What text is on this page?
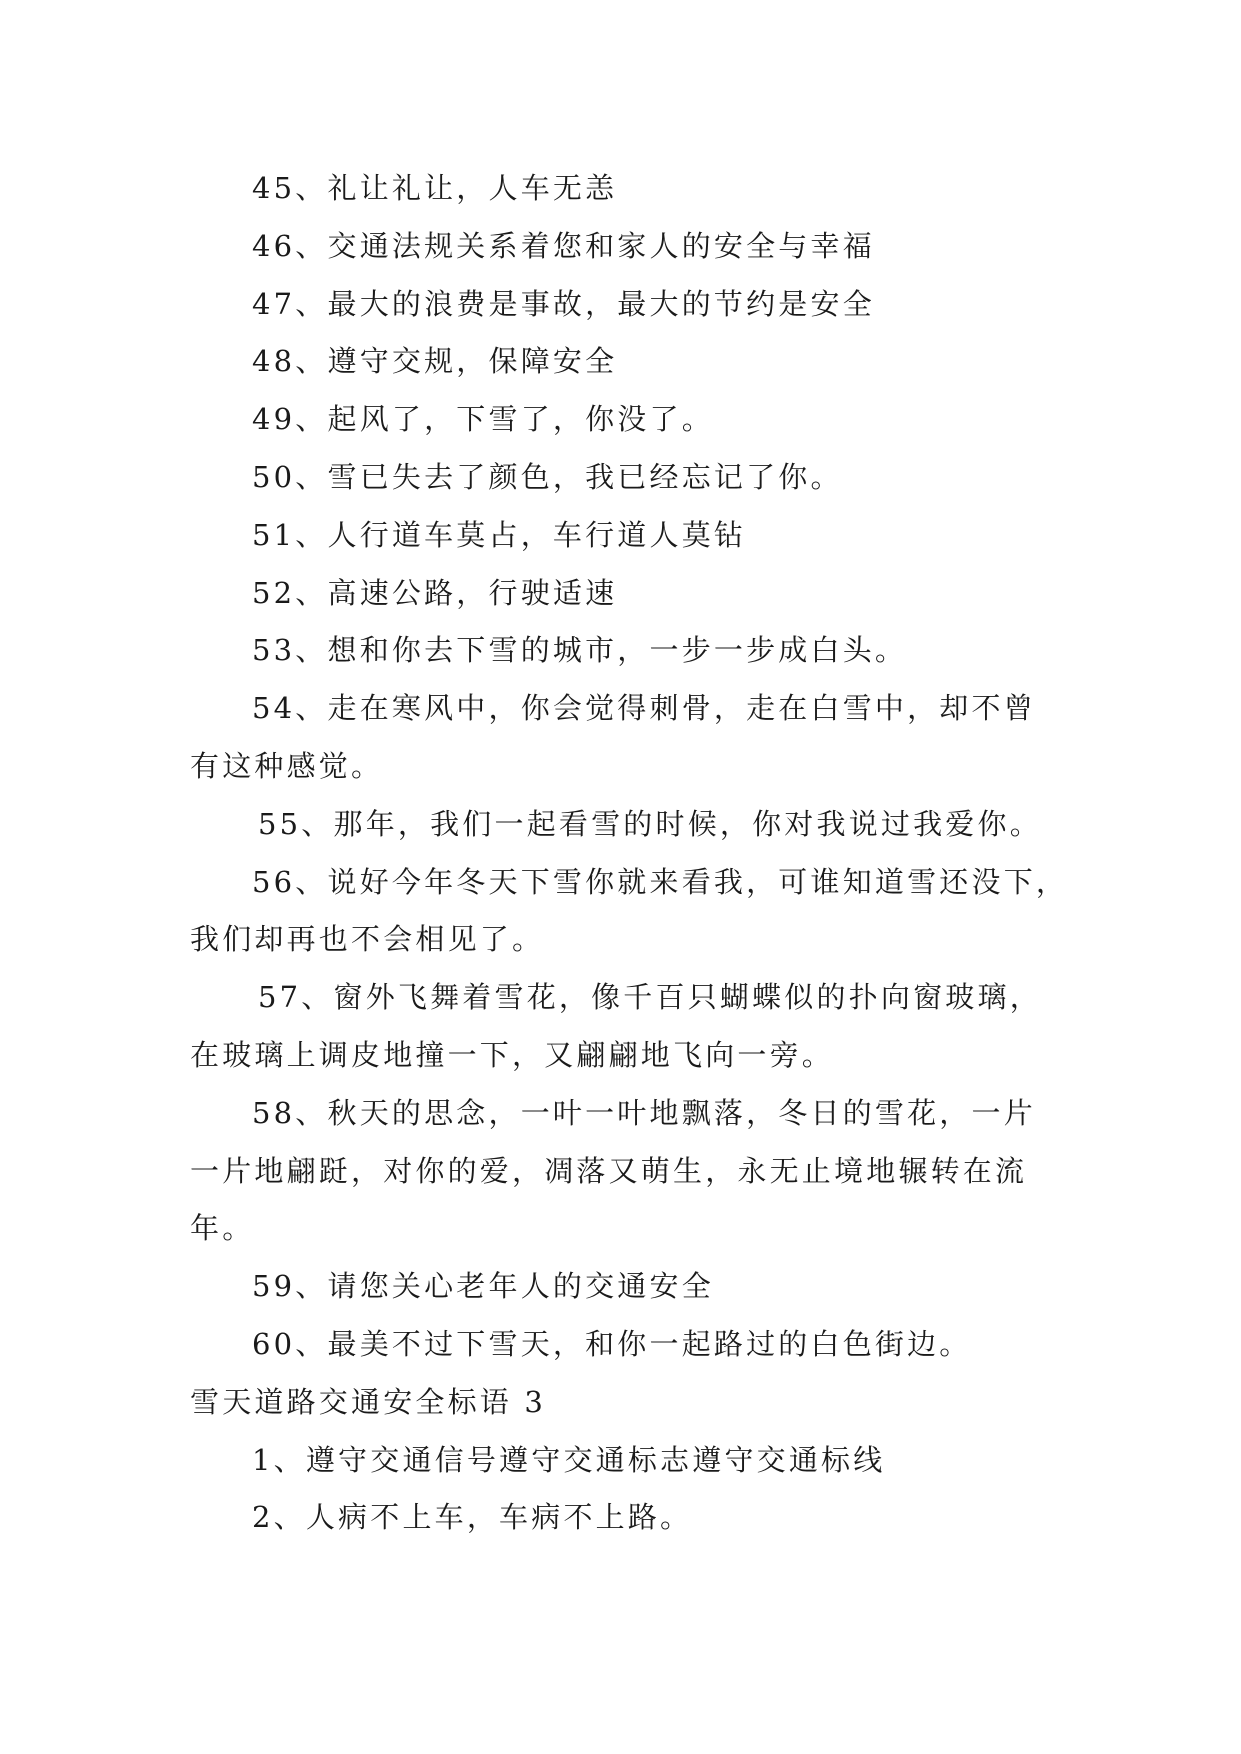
45、礼让礼让，人车无恙

46、交通法规关系着您和家人的安全与幸福

47、最大的浪费是事故，最大的节约是安全

48、遵守交规，保障安全

49、起风了，下雪了，你没了。

50、雪已失去了颜色，我已经忘记了你。

51、人行道车莫占，车行道人莫钻

52、高速公路，行驶适速

53、想和你去下雪的城市，一步一步成白头。

54、走在寒风中，你会觉得刺骨，走在白雪中，却不曾

有这种感觉。

55、那年，我们一起看雪的时候，你对我说过我爱你。

56、说好今年冬天下雪你就来看我，可谁知道雪还没下，

我们却再也不会相见了。

57、窗外飞舞着雪花，像千百只蝴蝶似的扑向窗玻璃，

在玻璃上调皮地撞一下，又翩翩地飞向一旁。

58、秋天的思念，一叶一叶地飘落，冬日的雪花，一片

一片地翩跹，对你的爱，凋落又萌生，永无止境地辗转在流

年。

59、请您关心老年人的交通安全

60、最美不过下雪天，和你一起路过的白色街边。

雪天道路交通安全标语 3

1、遵守交通信号遵守交通标志遵守交通标线

2、人病不上车，车病不上路。
